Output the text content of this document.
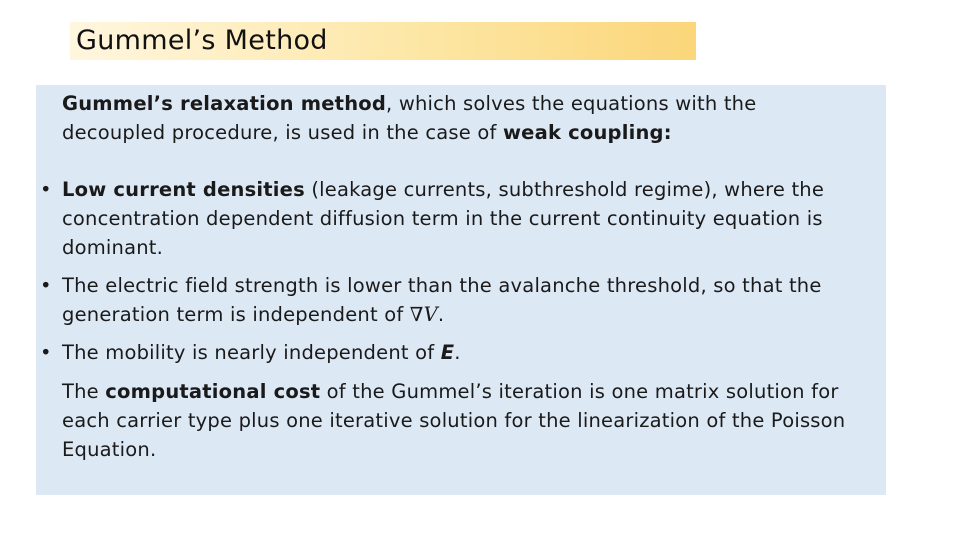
Gummel’s Method
Gummel’s relaxation method, which solves the equations with the decoupled procedure, is used in the case of weak coupling:
• Low current densities (leakage currents, subthreshold regime), where the concentration dependent diffusion term in the current continuity equation is dominant.
• The electric field strength is lower than the avalanche threshold, so that the generation term is independent of ∇V.
• The mobility is nearly independent of E.
The computational cost of the Gummel’s iteration is one matrix solution for each carrier type plus one iterative solution for the linearization of the Poisson Equation.
